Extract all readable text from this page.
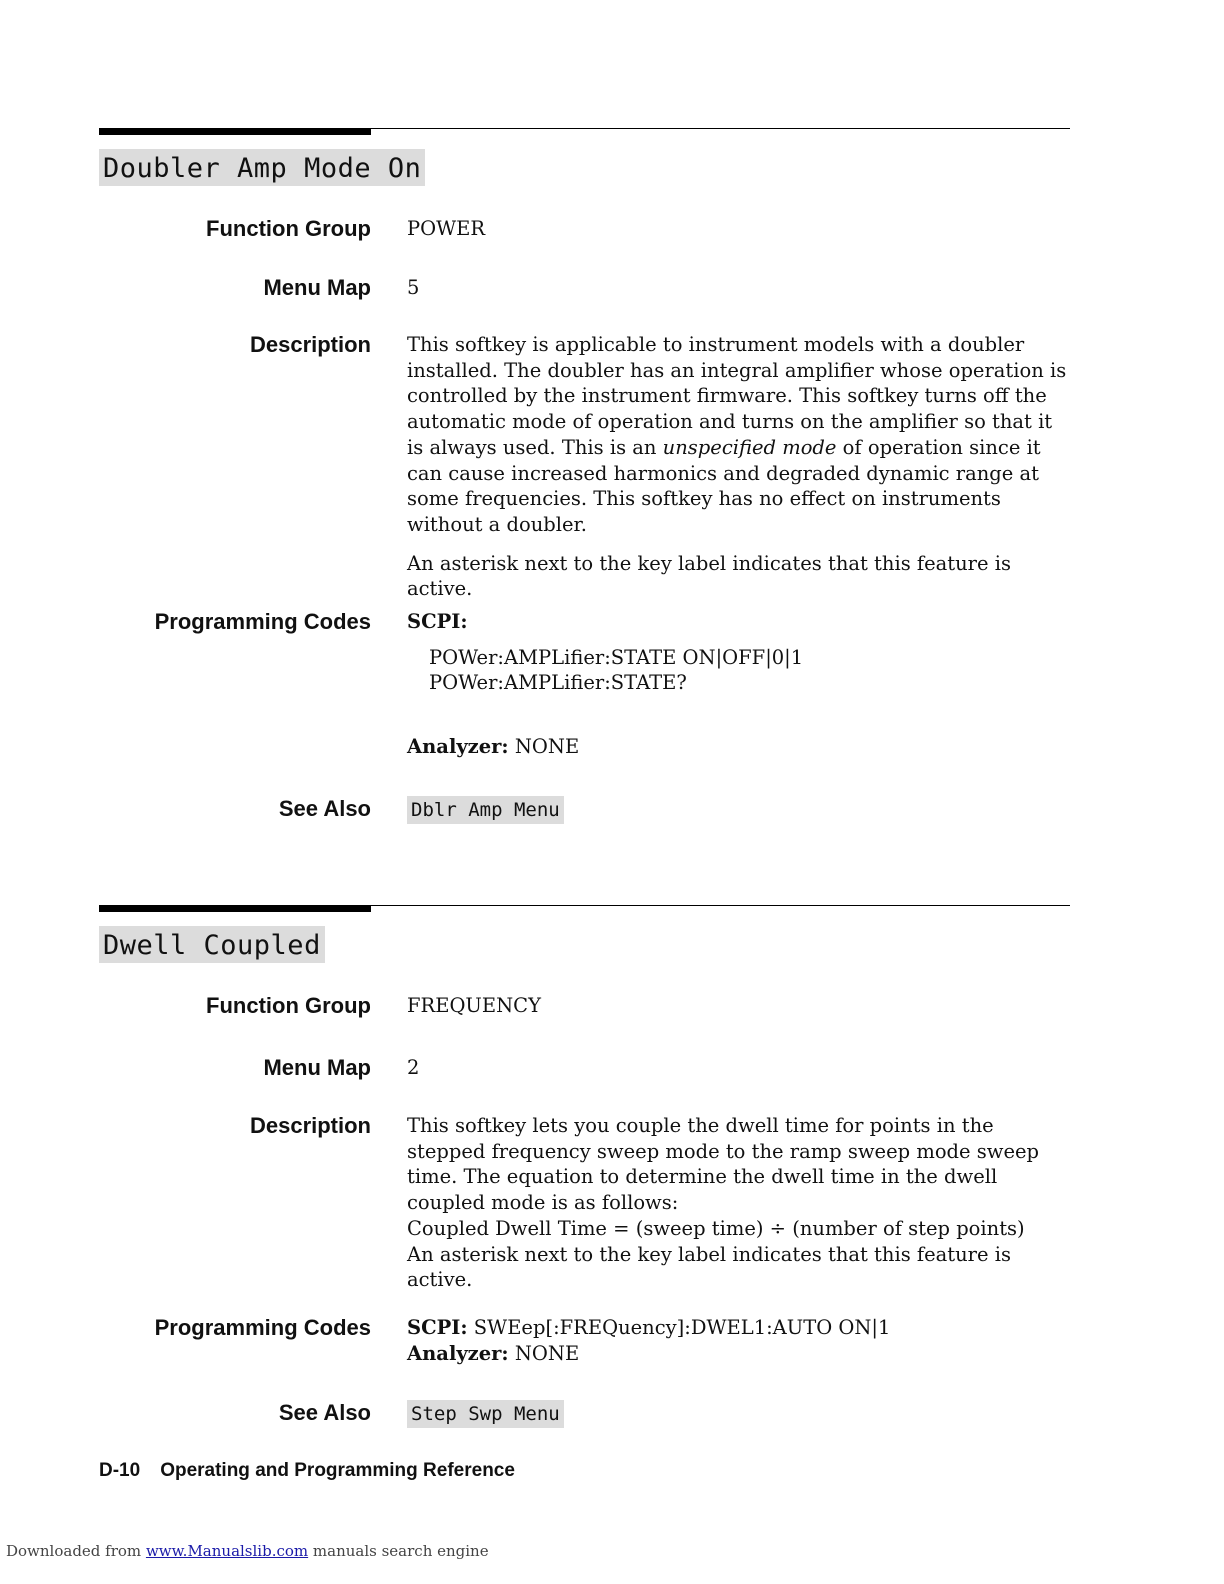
Doubler Amp Mode On
Function Group POWER
Menu Map 5
Description This softkey is applicable to instrument models with a doubler installed. The doubler has an integral amplifier whose operation is controlled by the instrument firmware. This softkey turns off the automatic mode of operation and turns on the amplifier so that it is always used. This is an unspecified mode of operation since it can cause increased harmonics and degraded dynamic range at some frequencies. This softkey has no effect on instruments without a doubler.

An asterisk next to the key label indicates that this feature is active.

Programming Codes SCPI:
POWer:AMPLifier:STATE ON|OFF|0|1
POWer:AMPLifier:STATE?
Analyzer: NONE
See Also Dblr Amp Menu
Dwell Coupled
Function Group FREQUENCY
Menu Map 2
Description This softkey lets you couple the dwell time for points in the stepped frequency sweep mode to the ramp sweep mode sweep time. The equation to determine the dwell time in the dwell coupled mode is as follows:

Coupled Dwell Time = (sweep time) ÷ (number of step points)

An asterisk next to the key label indicates that this feature is active.

Programming Codes SCPI: SWEep[:FREQuency]:DWEL1:AUTO ON|1
Analyzer: NONE
See Also Step Swp Menu
D-10 Operating and Programming Reference
Downloaded from www.Manualslib.com manuals search engine
